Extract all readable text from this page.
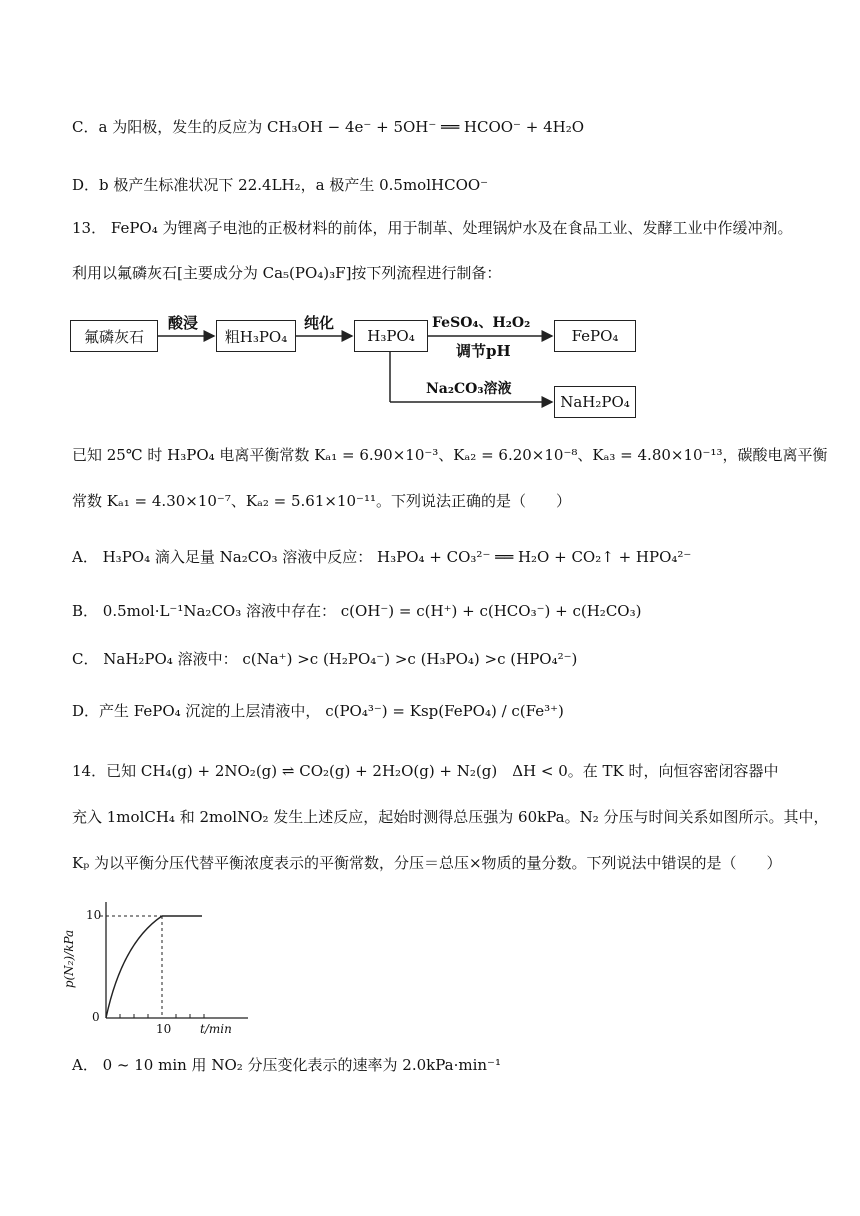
C．a 为阳极，发生的反应为 CH₃OH − 4e⁻ + 5OH⁻ ══ HCOO⁻ + 4H₂O
D．b 极产生标准状况下 22.4LH₂，a 极产生 0.5molHCOO⁻
13． FePO₄ 为锂离子电池的正极材料的前体，用于制革、处理锅炉水及在食品工业、发酵工业中作缓冲剂。
利用以氟磷灰石[主要成分为 Ca₅(PO₄)₃F]按下列流程进行制备：
氟磷灰石	粗H₃PO₄	H₃PO₄	FePO₄
NaH₂PO₄
酸浸	纯化	FeSO₄、H₂O₂
调节pH
Na₂CO₃溶液
已知 25℃ 时 H₃PO₄ 电离平衡常数 Kₐ₁ = 6.90×10⁻³、Kₐ₂ = 6.20×10⁻⁸、Kₐ₃ = 4.80×10⁻¹³，碳酸电离平衡
常数 Kₐ₁ = 4.30×10⁻⁷、Kₐ₂ = 5.61×10⁻¹¹。下列说法正确的是（　　）
A． H₃PO₄ 滴入足量 Na₂CO₃ 溶液中反应： H₃PO₄ + CO₃²⁻ ══ H₂O + CO₂↑ + HPO₄²⁻
B． 0.5mol·L⁻¹Na₂CO₃ 溶液中存在： c(OH⁻) = c(H⁺) + c(HCO₃⁻) + c(H₂CO₃)
C． NaH₂PO₄ 溶液中： c(Na⁺) >c (H₂PO₄⁻) >c (H₃PO₄) >c (HPO₄²⁻)
D．产生 FePO₄ 沉淀的上层清液中， c(PO₄³⁻) = Ksp(FePO₄) / c(Fe³⁺)
14．已知 CH₄(g) + 2NO₂(g) ⇌ CO₂(g) + 2H₂O(g) + N₂(g)　ΔH < 0。在 TK 时，向恒容密闭容器中
充入 1molCH₄ 和 2molNO₂ 发生上述反应，起始时测得总压强为 60kPa。N₂ 分压与时间关系如图所示。其中，
Kₚ 为以平衡分压代替平衡浓度表示的平衡常数，分压＝总压×物质的量分数。下列说法中错误的是（　　）
10
0
10 t/min
p(N₂)/kPa
A． 0 ~ 10 min 用 NO₂ 分压变化表示的速率为 2.0kPa·min⁻¹
